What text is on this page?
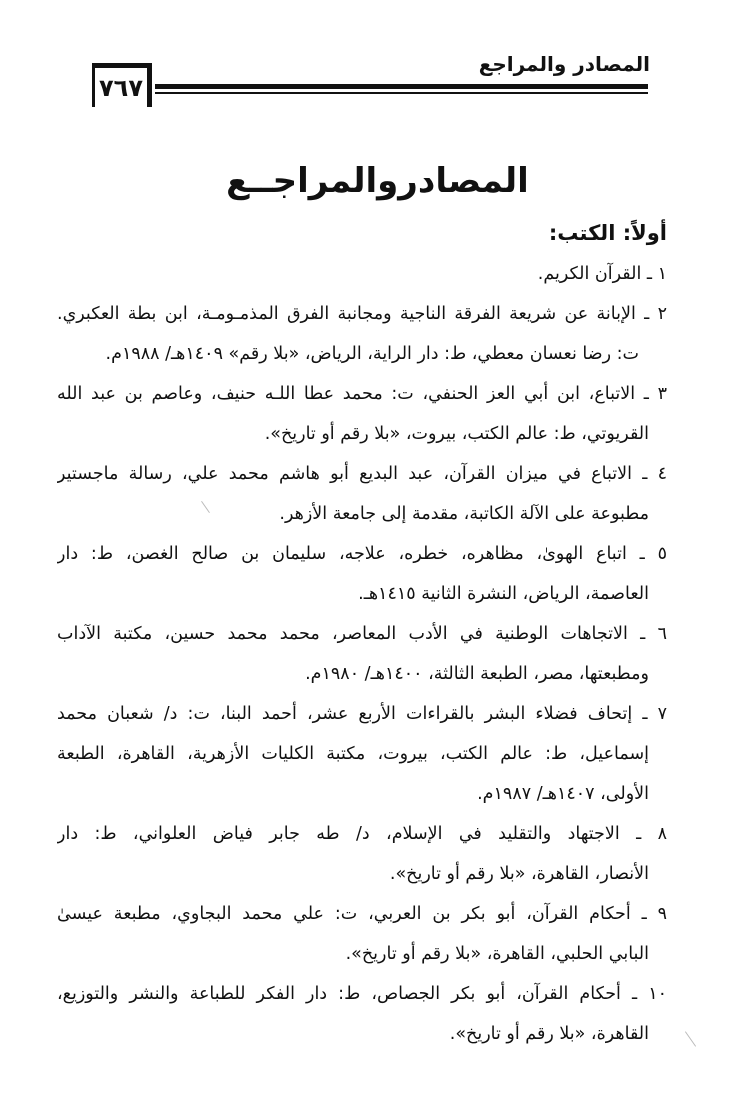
المصادر والمراجع
٧٦٧
المصادروالمراجــع
أولاً: الكتب:
١ ـ القرآن الكريم.
٢ ـ الإبانة عن شريعة الفرقة الناجية ومجانبة الفرق المذمـومـة، ابن بطة العكبري.
ت: رضا نعسان معطي، ط: دار الراية، الرياض، «بلا رقم» ١٤٠٩هـ/ ١٩٨٨م.
٣ ـ الاتباع، ابن أبي العز الحنفي، ت: محمد عطا اللـه حنيف، وعاصم بن عبد الله
القريوتي، ط: عالم الكتب، بيروت، «بلا رقم أو تاريخ».
٤ ـ الاتباع في ميزان القرآن، عبد البديع أبو هاشم محمد علي، رسالة ماجستير
مطبوعة على الآلة الكاتبة، مقدمة إلى جامعة الأزهر.
٥ ـ اتباع الهوىٰ، مظاهره، خطره، علاجه، سليمان بن صالح الغصن، ط: دار
العاصمة، الرياض، النشرة الثانية ١٤١٥هـ.
٦ ـ الاتجاهات الوطنية في الأدب المعاصر، محمد محمد حسين، مكتبة الآداب
ومطبعتها، مصر، الطبعة الثالثة، ١٤٠٠هـ/ ١٩٨٠م.
٧ ـ إتحاف فضلاء البشر بالقراءات الأربع عشر، أحمد البنا، ت: د/ شعبان محمد
إسماعيل، ط: عالم الكتب، بيروت، مكتبة الكليات الأزهرية، القاهرة، الطبعة
الأولى، ١٤٠٧هـ/ ١٩٨٧م.
٨ ـ الاجتهاد والتقليد في الإسلام، د/ طه جابر فياض العلواني، ط: دار
الأنصار، القاهرة، «بلا رقم أو تاريخ».
٩ ـ أحكام القرآن، أبو بكر بن العربي، ت: علي محمد البجاوي، مطبعة عيسىٰ
البابي الحلبي، القاهرة، «بلا رقم أو تاريخ».
١٠ ـ أحكام القرآن، أبو بكر الجصاص، ط: دار الفكر للطباعة والنشر والتوزيع،
القاهرة، «بلا رقم أو تاريخ».
